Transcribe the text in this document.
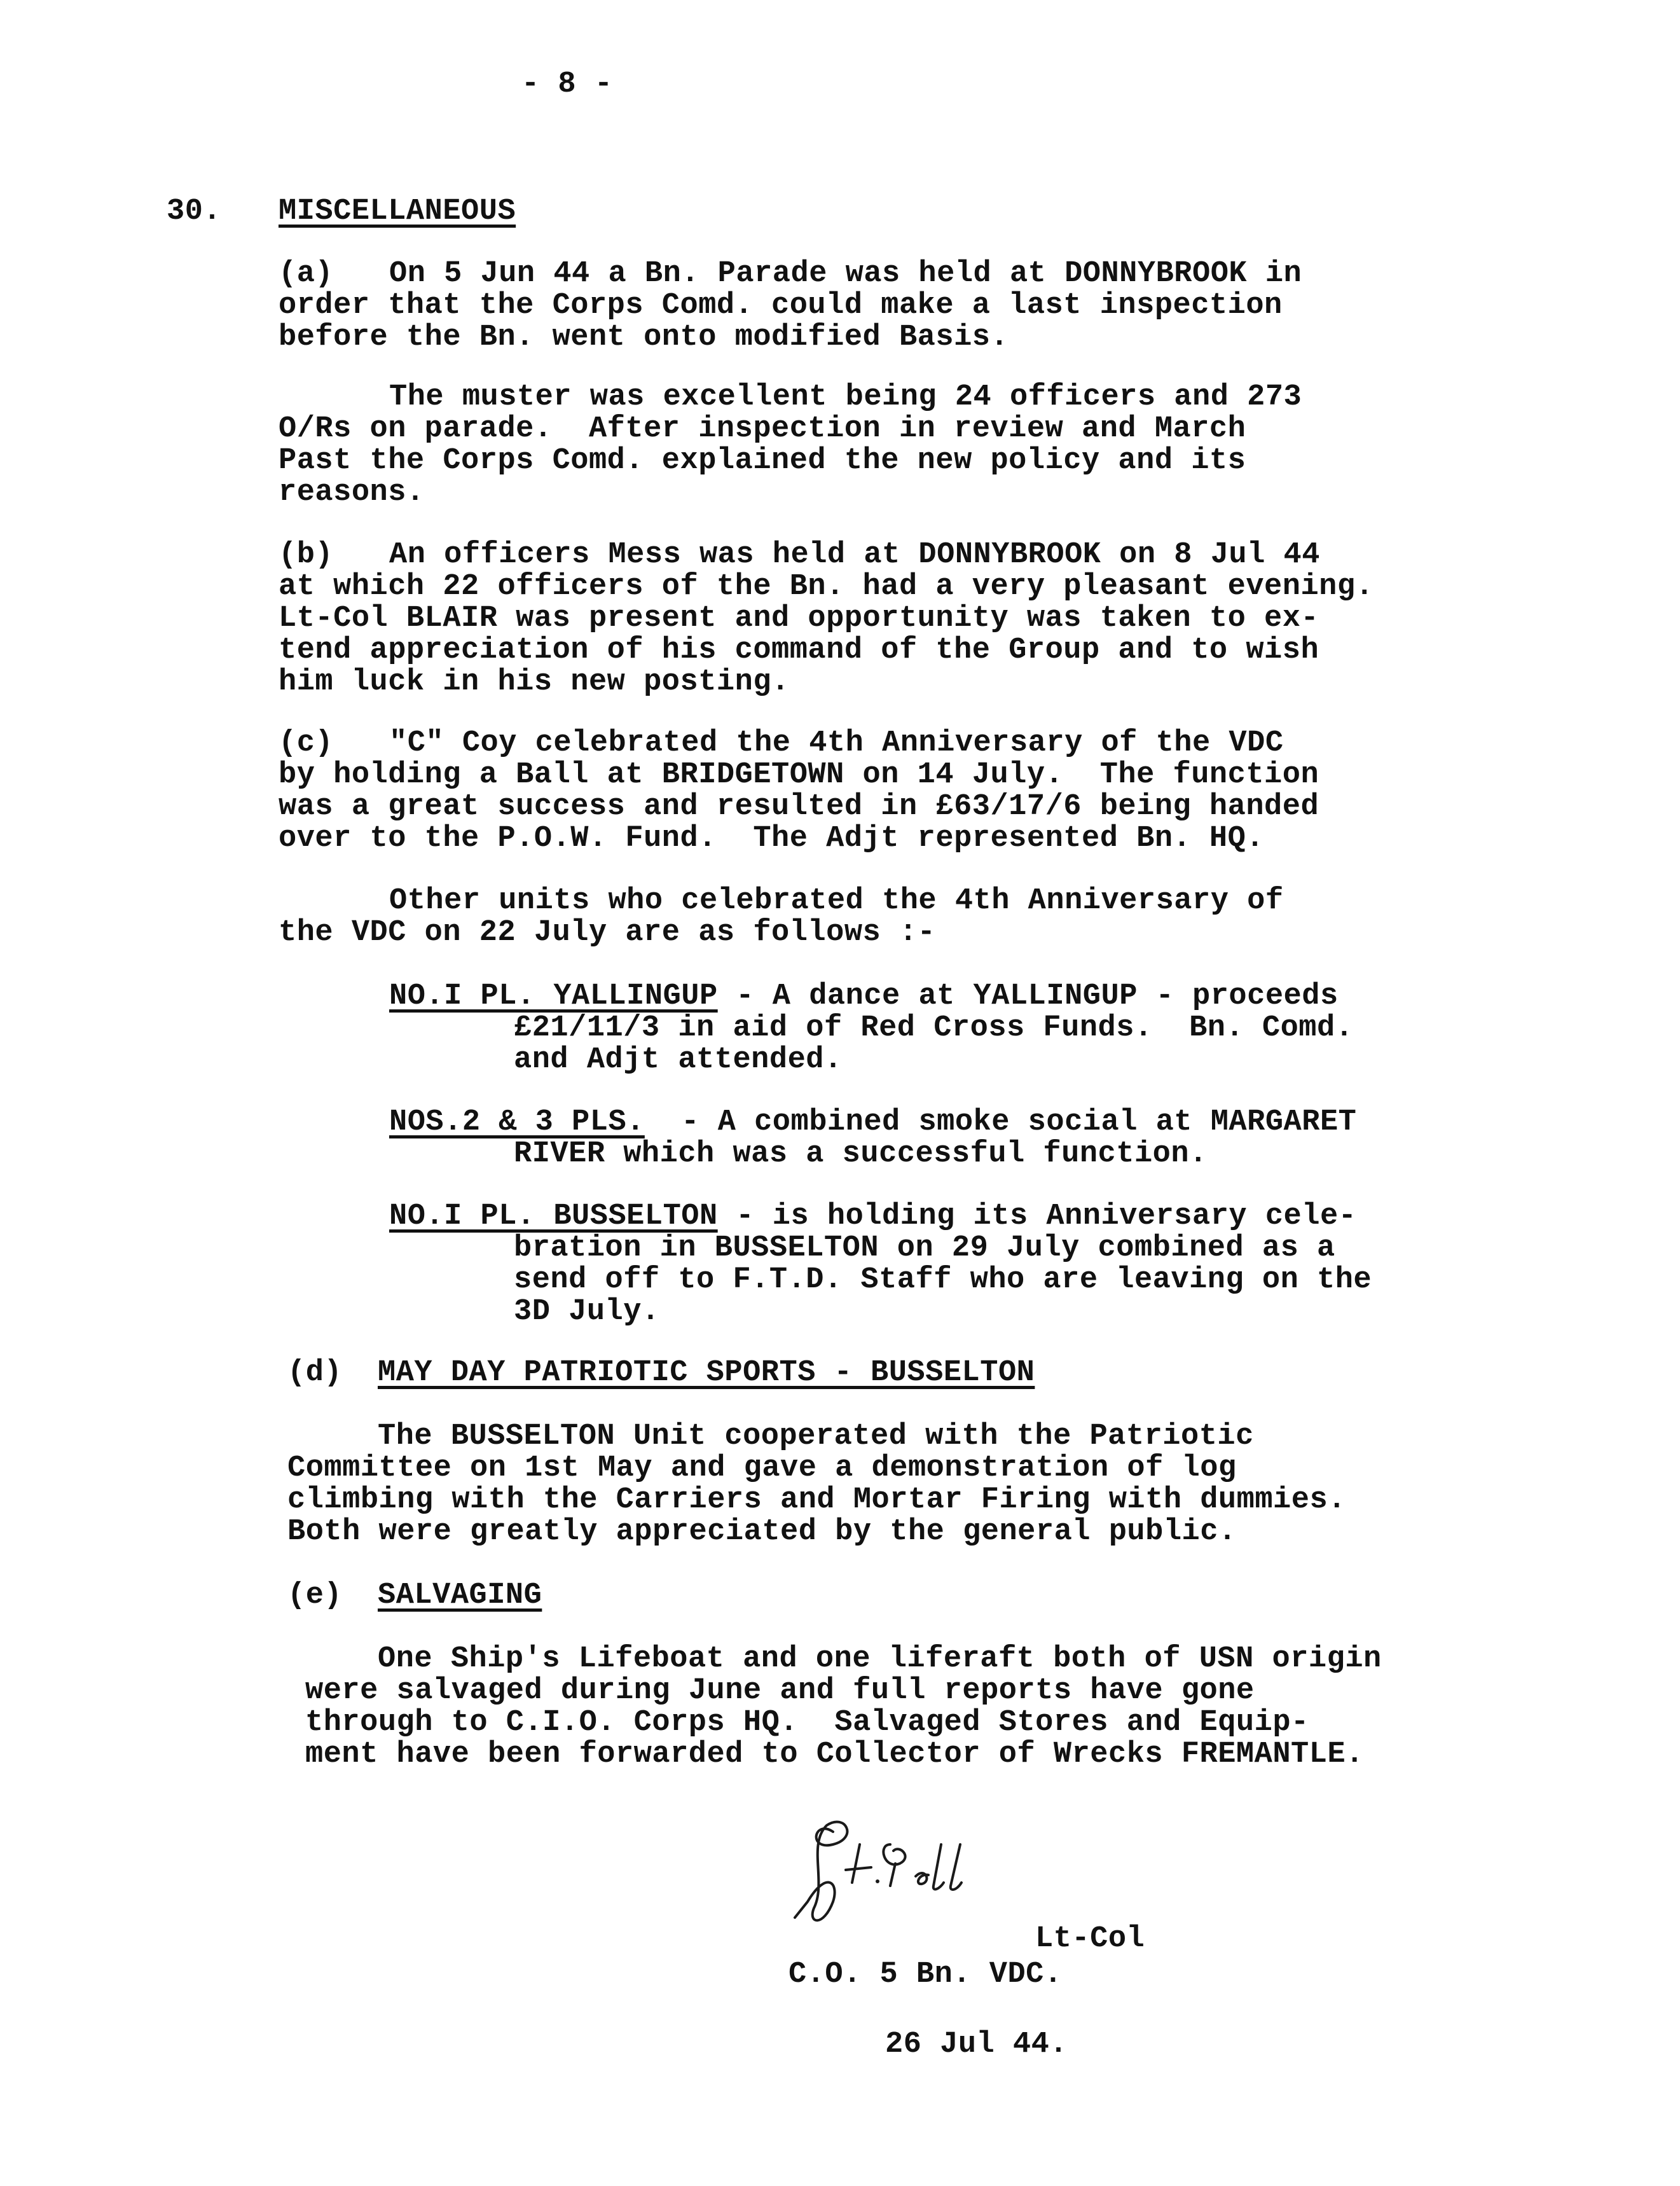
- 8 -
30. MISCELLANEOUS
(a) On 5 Jun 44 a Bn. Parade was held at DONNYBROOK in
order that the Corps Comd. could make a last inspection
before the Bn. went onto modified Basis.
The muster was excellent being 24 officers and 273
O/Rs on parade.  After inspection in review and March
Past the Corps Comd. explained the new policy and its
reasons.
(b) An officers Mess was held at DONNYBROOK on 8 Jul 44
at which 22 officers of the Bn. had a very pleasant evening.
Lt-Col BLAIR was present and opportunity was taken to ex-
tend appreciation of his command of the Group and to wish
him luck in his new posting.
(c) "C" Coy celebrated the 4th Anniversary of the VDC
by holding a Ball at BRIDGETOWN on 14 July.  The function
was a great success and resulted in £63/17/6 being handed
over to the P.O.W. Fund.  The Adjt represented Bn. HQ.
Other units who celebrated the 4th Anniversary of
the VDC on 22 July are as follows :-
NO.I PL. YALLINGUP - A dance at YALLINGUP - proceeds
£21/11/3 in aid of Red Cross Funds.  Bn. Comd.
and Adjt attended.
NOS.2 & 3 PLS.  - A combined smoke social at MARGARET
RIVER which was a successful function.
NO.I PL. BUSSELTON - is holding its Anniversary cele-
bration in BUSSELTON on 29 July combined as a
send off to F.T.D. Staff who are leaving on the
3D July.
(d) MAY DAY PATRIOTIC SPORTS - BUSSELTON
The BUSSELTON Unit cooperated with the Patriotic
Committee on 1st May and gave a demonstration of log
climbing with the Carriers and Mortar Firing with dummies.
Both were greatly appreciated by the general public.
(e) SALVAGING
One Ship's Lifeboat and one liferaft both of USN origin
were salvaged during June and full reports have gone
through to C.I.O. Corps HQ.  Salvaged Stores and Equip-
ment have been forwarded to Collector of Wrecks FREMANTLE.
Lt-Col
C.O. 5 Bn. VDC.
26 Jul 44.
